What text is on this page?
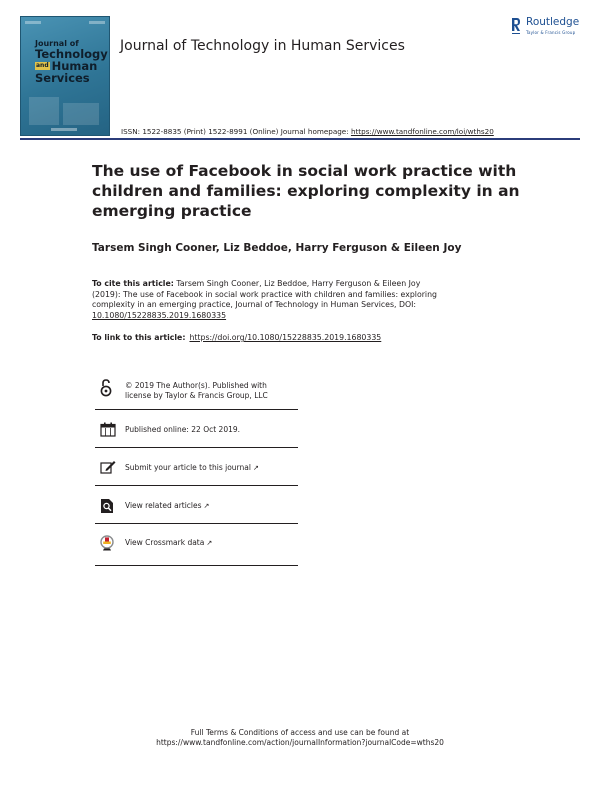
Journal of
Technology
and Human
Services
Journal of Technology in Human Services
Routledge
Taylor & Francis Group
ISSN: 1522-8835 (Print) 1522-8991 (Online) Journal homepage: https://www.tandfonline.com/loi/wths20
The use of Facebook in social work practice with
children and families: exploring complexity in an
emerging practice
Tarsem Singh Cooner, Liz Beddoe, Harry Ferguson & Eileen Joy
To cite this article: Tarsem Singh Cooner, Liz Beddoe, Harry Ferguson & Eileen Joy
(2019): The use of Facebook in social work practice with children and families: exploring
complexity in an emerging practice, Journal of Technology in Human Services, DOI:
10.1080/15228835.2019.1680335
To link to this article: https://doi.org/10.1080/15228835.2019.1680335
© 2019 The Author(s). Published with
license by Taylor & Francis Group, LLC
Published online: 22 Oct 2019.
Submit your article to this journal ↗
View related articles ↗
View Crossmark data ↗
Full Terms & Conditions of access and use can be found at
https://www.tandfonline.com/action/journalInformation?journalCode=wths20
